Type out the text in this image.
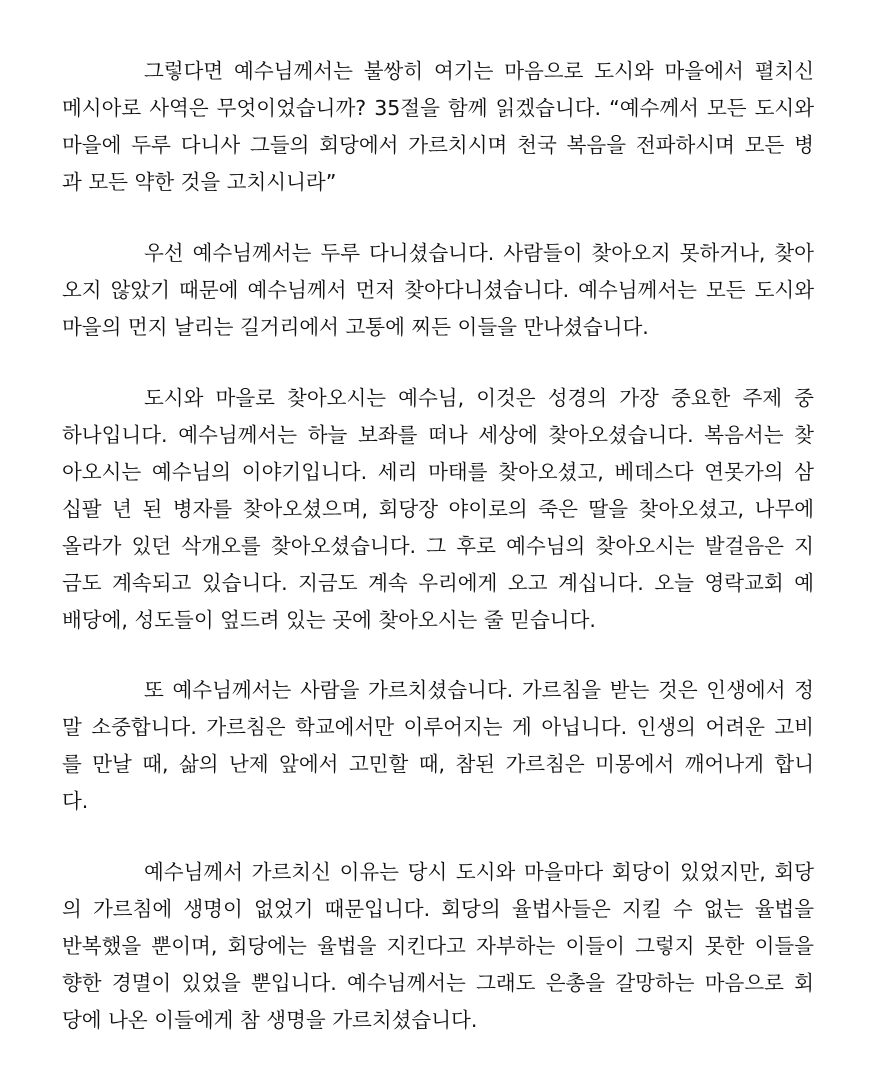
그렇다면 예수님께서는 불쌍히 여기는 마음으로 도시와 마을에서 펼치신
메시아로 사역은 무엇이었습니까? 35절을 함께 읽겠습니다. “예수께서 모든 도시와
마을에 두루 다니사 그들의 회당에서 가르치시며 천국 복음을 전파하시며 모든 병
과 모든 약한 것을 고치시니라”
우선 예수님께서는 두루 다니셨습니다. 사람들이 찾아오지 못하거나, 찾아
오지 않았기 때문에 예수님께서 먼저 찾아다니셨습니다. 예수님께서는 모든 도시와
마을의 먼지 날리는 길거리에서 고통에 찌든 이들을 만나셨습니다.
도시와 마을로 찾아오시는 예수님, 이것은 성경의 가장 중요한 주제 중
하나입니다. 예수님께서는 하늘 보좌를 떠나 세상에 찾아오셨습니다. 복음서는 찾
아오시는 예수님의 이야기입니다. 세리 마태를 찾아오셨고, 베데스다 연못가의 삼
십팔 년 된 병자를 찾아오셨으며, 회당장 야이로의 죽은 딸을 찾아오셨고, 나무에
올라가 있던 삭개오를 찾아오셨습니다. 그 후로 예수님의 찾아오시는 발걸음은 지
금도 계속되고 있습니다. 지금도 계속 우리에게 오고 계십니다. 오늘 영락교회 예
배당에, 성도들이 엎드려 있는 곳에 찾아오시는 줄 믿습니다.
또 예수님께서는 사람을 가르치셨습니다. 가르침을 받는 것은 인생에서 정
말 소중합니다. 가르침은 학교에서만 이루어지는 게 아닙니다. 인생의 어려운 고비
를 만날 때, 삶의 난제 앞에서 고민할 때, 참된 가르침은 미몽에서 깨어나게 합니
다.
예수님께서 가르치신 이유는 당시 도시와 마을마다 회당이 있었지만, 회당
의 가르침에 생명이 없었기 때문입니다. 회당의 율법사들은 지킬 수 없는 율법을
반복했을 뿐이며, 회당에는 율법을 지킨다고 자부하는 이들이 그렇지 못한 이들을
향한 경멸이 있었을 뿐입니다. 예수님께서는 그래도 은총을 갈망하는 마음으로 회
당에 나온 이들에게 참 생명을 가르치셨습니다.
